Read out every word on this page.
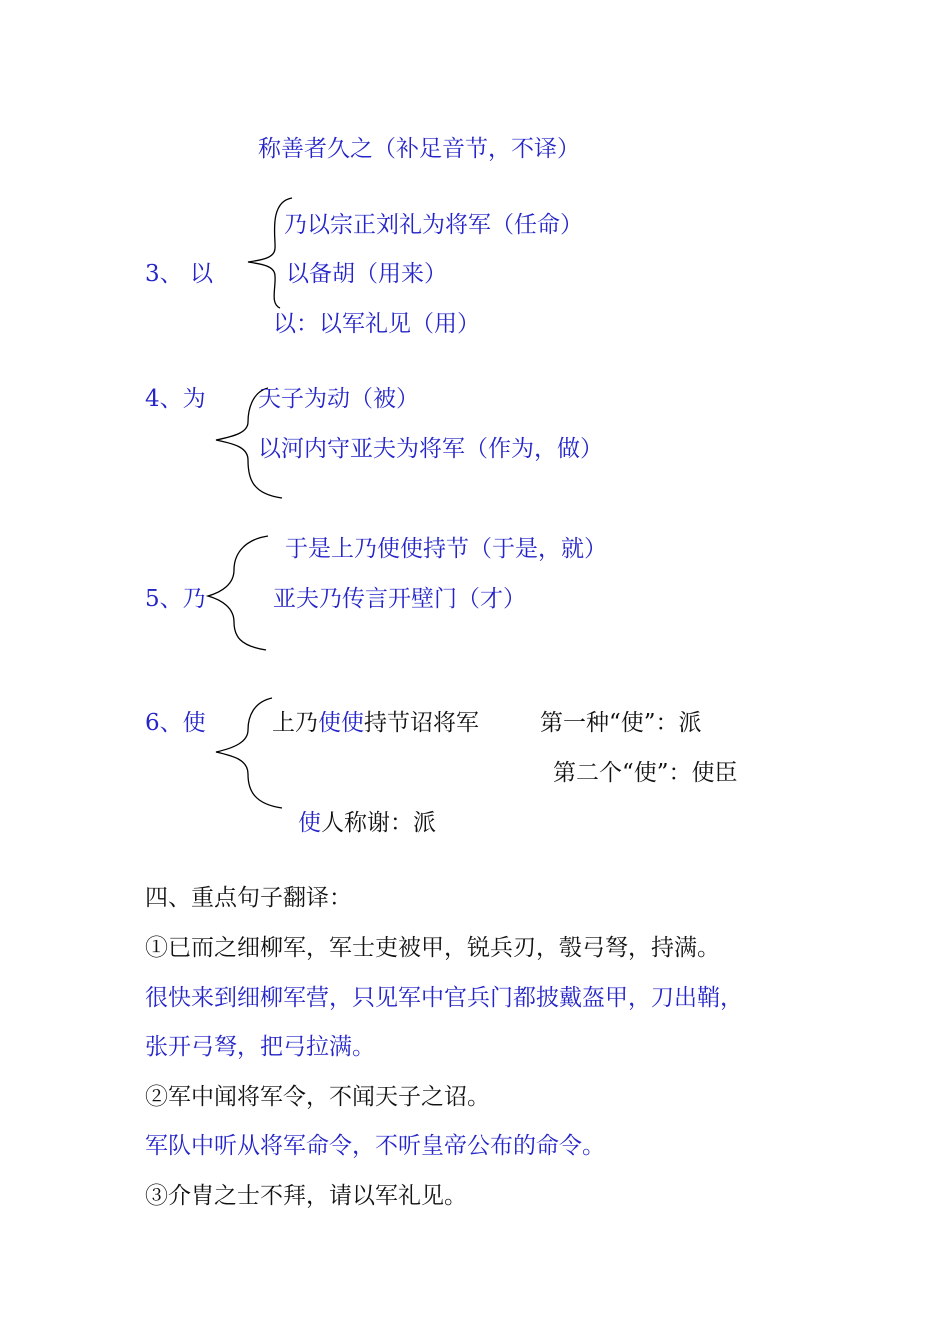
称善者久之（补足音节，不译）
3、 以
乃以宗正刘礼为将军（任命）
以备胡（用来）
以：以军礼见（用）
4、为 天子为动（被）
以河内守亚夫为将军（作为，做）
5、乃
于是上乃使使持节（于是，就）
亚夫乃传言开壁门（才）
6、使	上乃使使持节诏将军	第一种“使”：派
第二个“使”：使臣
使人称谢：派
四、重点句子翻译：
①已而之细柳军，军士吏被甲，锐兵刃，彀弓弩，持满。
很快来到细柳军营，只见军中官兵门都披戴盔甲，刀出鞘，
张开弓弩，把弓拉满。
②军中闻将军令，不闻天子之诏。
军队中听从将军命令，不听皇帝公布的命令。
③介胄之士不拜，请以军礼见。
